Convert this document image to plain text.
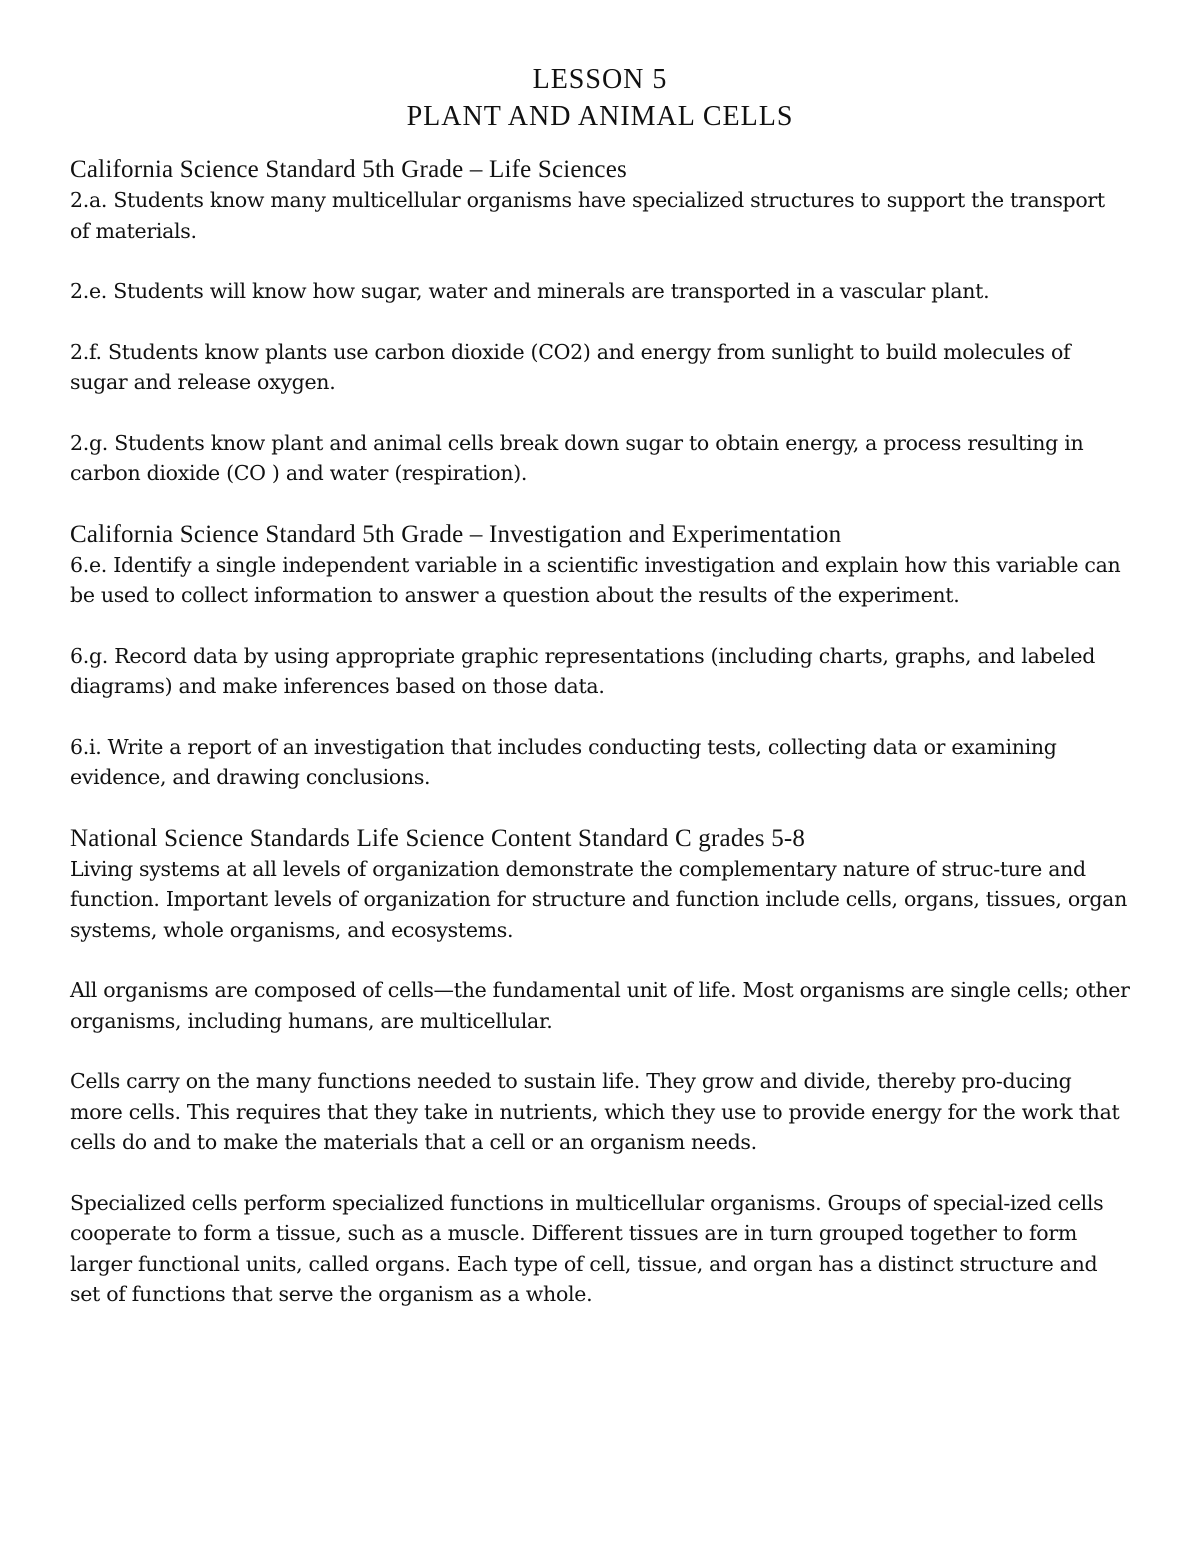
LESSON 5
PLANT AND ANIMAL CELLS
California Science Standard 5th Grade – Life Sciences

2.a. Students know many multicellular organisms have specialized structures to support the transport of materials.

2.e. Students will know how sugar, water and minerals are transported in a vascular plant.

2.f. Students know plants use carbon dioxide (CO2) and energy from sunlight to build molecules of sugar and release oxygen.

2.g. Students know plant and animal cells break down sugar to obtain energy, a process resulting in carbon dioxide (CO ) and water (respiration).

California Science Standard 5th Grade – Investigation and Experimentation

6.e. Identify a single independent variable in a scientific investigation and explain how this variable can be used to collect information to answer a question about the results of the experiment.

6.g. Record data by using appropriate graphic representations (including charts, graphs, and labeled diagrams) and make inferences based on those data.

6.i. Write a report of an investigation that includes conducting tests, collecting data or examining evidence, and drawing conclusions.

National Science Standards Life Science Content Standard C grades 5-8

Living systems at all levels of organization demonstrate the complementary nature of struc-ture and function. Important levels of organization for structure and function include cells, organs, tissues, organ systems, whole organisms, and ecosystems.

All organisms are composed of cells—the fundamental unit of life. Most organisms are single cells; other organisms, including humans, are multicellular.

Cells carry on the many functions needed to sustain life. They grow and divide, thereby pro-ducing more cells. This requires that they take in nutrients, which they use to provide energy for the work that cells do and to make the materials that a cell or an organism needs.

Specialized cells perform specialized functions in multicellular organisms. Groups of special-ized cells cooperate to form a tissue, such as a muscle. Different tissues are in turn grouped together to form larger functional units, called organs. Each type of cell, tissue, and organ has a distinct structure and set of functions that serve the organism as a whole.
